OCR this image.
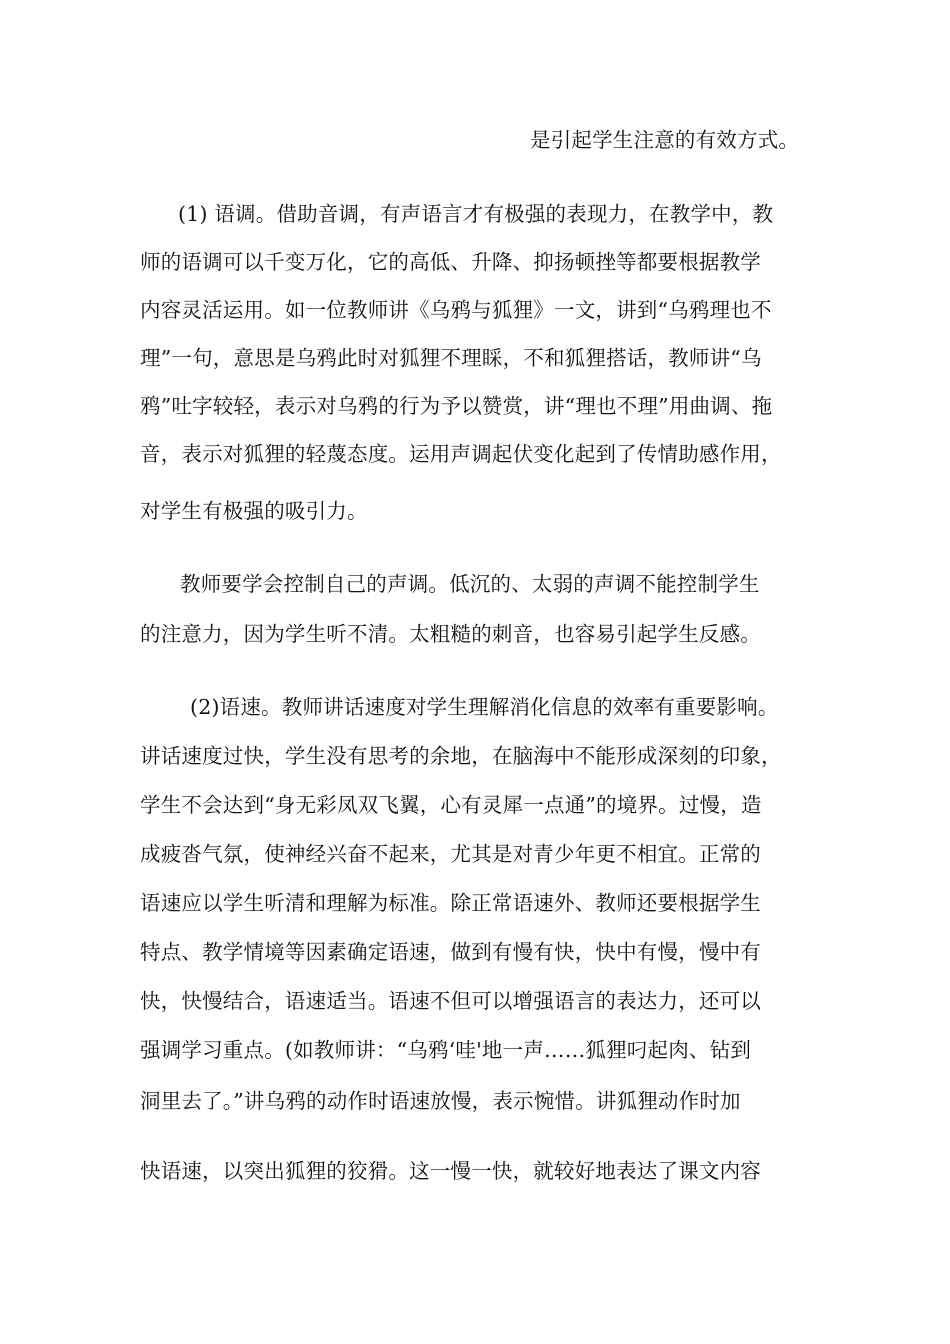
是引起学生注意的有效方式。
(1) 语调。借助音调，有声语言才有极强的表现力，在教学中，教
师的语调可以千变万化，它的高低、升降、抑扬顿挫等都要根据教学
内容灵活运用。如一位教师讲《乌鸦与狐狸》一文，讲到“乌鸦理也不
理”一句，意思是乌鸦此时对狐狸不理睬，不和狐狸搭话，教师讲“乌
鸦”吐字较轻，表示对乌鸦的行为予以赞赏，讲“理也不理”用曲调、拖
音，表示对狐狸的轻蔑态度。运用声调起伏变化起到了传情助感作用，
对学生有极强的吸引力。
教师要学会控制自己的声调。低沉的、太弱的声调不能控制学生
的注意力，因为学生听不清。太粗糙的刺音，也容易引起学生反感。
(2)语速。教师讲话速度对学生理解消化信息的效率有重要影响。
讲话速度过快，学生没有思考的余地，在脑海中不能形成深刻的印象，
学生不会达到“身无彩凤双飞翼，心有灵犀一点通”的境界。过慢，造
成疲沓气氛，使神经兴奋不起来，尤其是对青少年更不相宜。正常的
语速应以学生听清和理解为标准。除正常语速外、教师还要根据学生
特点、教学情境等因素确定语速，做到有慢有快，快中有慢，慢中有
快，快慢结合，语速适当。语速不但可以增强语言的表达力，还可以
强调学习重点。(如教师讲：“乌鸦‘哇'地一声……狐狸叼起肉、钻到
洞里去了。”讲乌鸦的动作时语速放慢，表示惋惜。讲狐狸动作时加
快语速，以突出狐狸的狡猾。这一慢一快，就较好地表达了课文内容
